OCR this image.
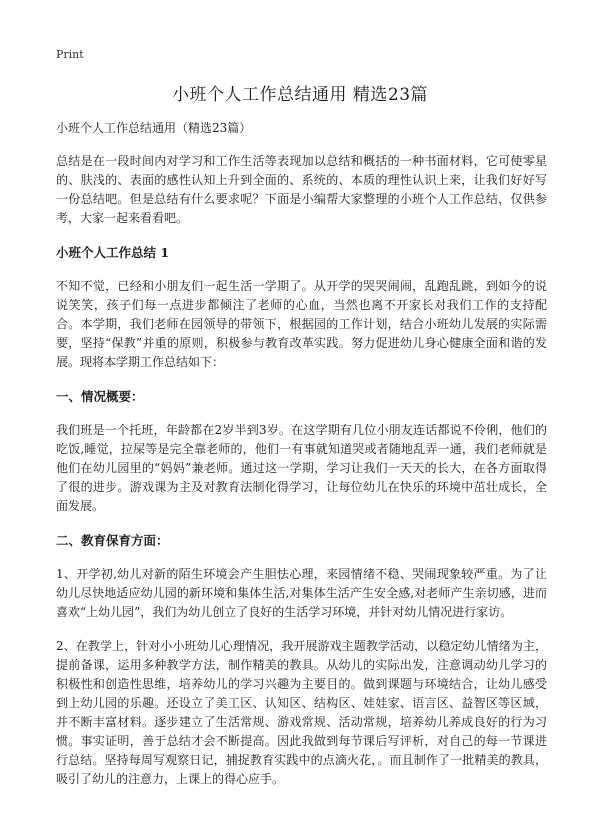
Print
小班个人工作总结通用 精选23篇

小班个人工作总结通用（精选23篇）

总结是在一段时间内对学习和工作生活等表现加以总结和概括的一种书面材料，它可使零星的、肤浅的、表面的感性认知上升到全面的、系统的、本质的理性认识上来，让我们好好写一份总结吧。但是总结有什么要求呢？下面是小编帮大家整理的小班个人工作总结，仅供参考，大家一起来看看吧。

小班个人工作总结 1

不知不觉，已经和小朋友们一起生活一学期了。从开学的哭哭闹闹，乱跑乱跳，到如今的说说笑笑，孩子们每一点进步都倾注了老师的心血，当然也离不开家长对我们工作的支持配合。本学期，我们老师在园领导的带领下，根据园的工作计划，结合小班幼儿发展的实际需要，坚持“保教”并重的原则，积极参与教育改革实践。努力促进幼儿身心健康全面和谐的发展。现将本学期工作总结如下：

一、情况概要：

我们班是一个托班，年龄都在2岁半到3岁。在这学期有几位小朋友连话都说不伶俐，他们的吃饭,睡觉，拉屎等是完全靠老师的，他们一有事就知道哭或者随地乱弄一通，我们老师就是他们在幼儿园里的“妈妈”兼老师。通过这一学期，学习让我们一天天的长大，在各方面取得了很的进步。游戏课为主及对教育法制化得学习，让每位幼儿在快乐的环境中茁壮成长，全面发展。

二、教育保育方面：

1、开学初,幼儿对新的陌生环境会产生胆怯心理，来园情绪不稳、哭闹现象较严重。为了让幼儿尽快地适应幼儿园的新环境和集体生活,对集体生活产生安全感,对老师产生亲切感，进而喜欢“上幼儿园”，我们为幼儿创立了良好的生活学习环境，并针对幼儿情况进行家访。

2、在教学上，针对小小班幼儿心理情况，我开展游戏主题教学活动，以稳定幼儿情绪为主，提前备课，运用多种教学方法，制作精美的教具。从幼儿的实际出发，注意调动幼儿学习的积极性和创造性思维，培养幼儿的学习兴趣为主要目的。做到课题与环境结合，让幼儿感受到上幼儿园的乐趣。还设立了美工区、认知区、结构区、娃娃家、语言区、益智区等区域，并不断丰富材料。逐步建立了生活常规、游戏常规、活动常规，培养幼儿养成良好的行为习惯。事实证明，善于总结才会不断提高。因此我做到每节课后写评析，对自己的每一节课进行总结。坚持每周写观察日记，捕捉教育实践中的点滴火花，。而且制作了一批精美的教具，吸引了幼儿的注意力，上课上的得心应手。
